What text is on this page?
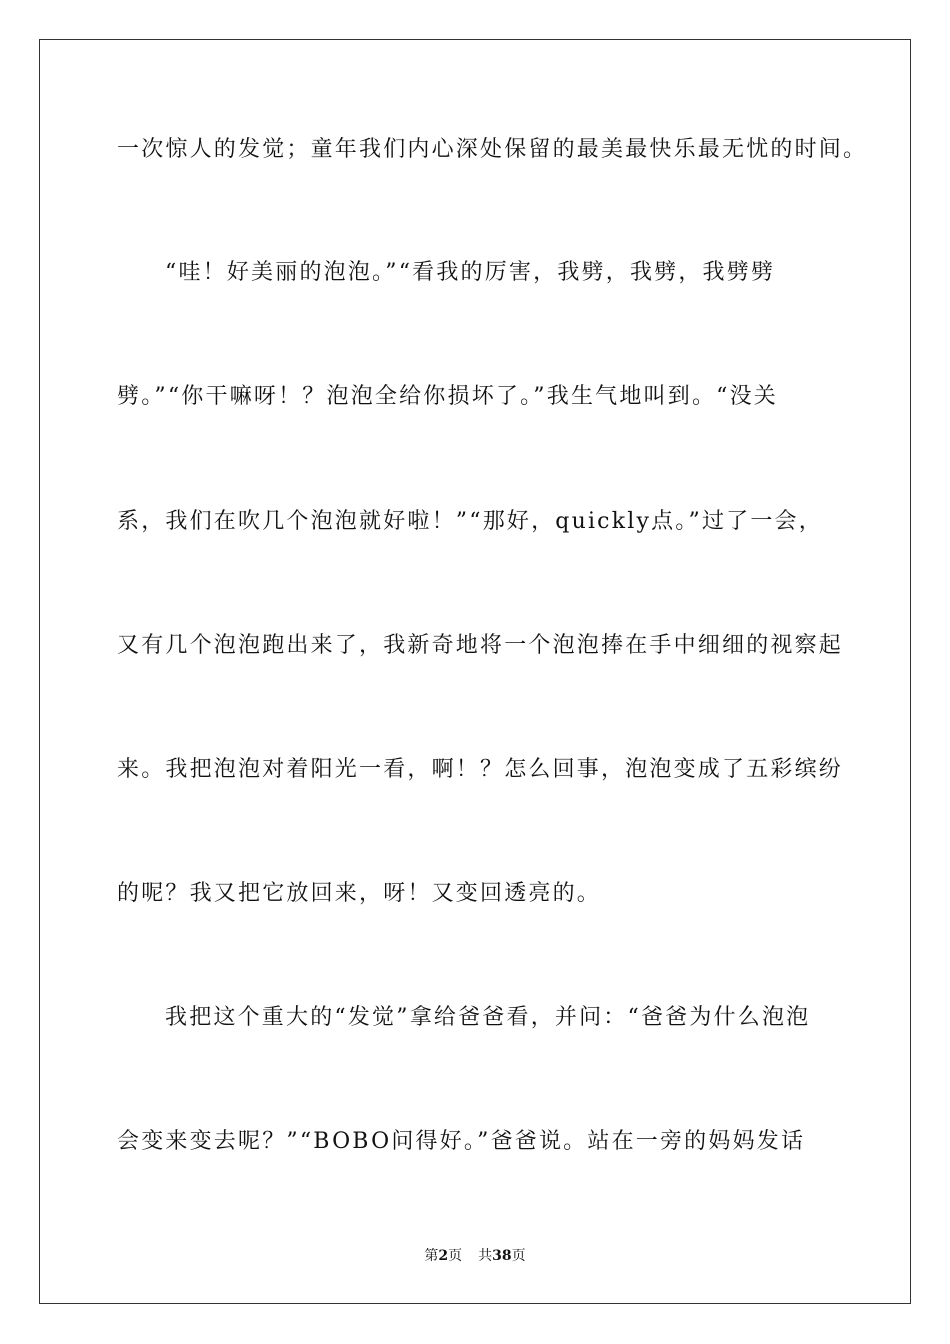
一次惊人的发觉；童年我们内心深处保留的最美最快乐最无忧的时间。
“哇！好美丽的泡泡。”“看我的厉害，我劈，我劈，我劈劈
劈。”“你干嘛呀！？泡泡全给你损坏了。”我生气地叫到。“没关
系，我们在吹几个泡泡就好啦！”“那好，quickly点。”过了一会，
又有几个泡泡跑出来了，我新奇地将一个泡泡捧在手中细细的视察起
来。我把泡泡对着阳光一看，啊！？怎么回事，泡泡变成了五彩缤纷
的呢？我又把它放回来，呀！又变回透亮的。
我把这个重大的“发觉”拿给爸爸看，并问：“爸爸为什么泡泡
会变来变去呢？”“BOBO问得好。”爸爸说。站在一旁的妈妈发话
第2页 共38页
